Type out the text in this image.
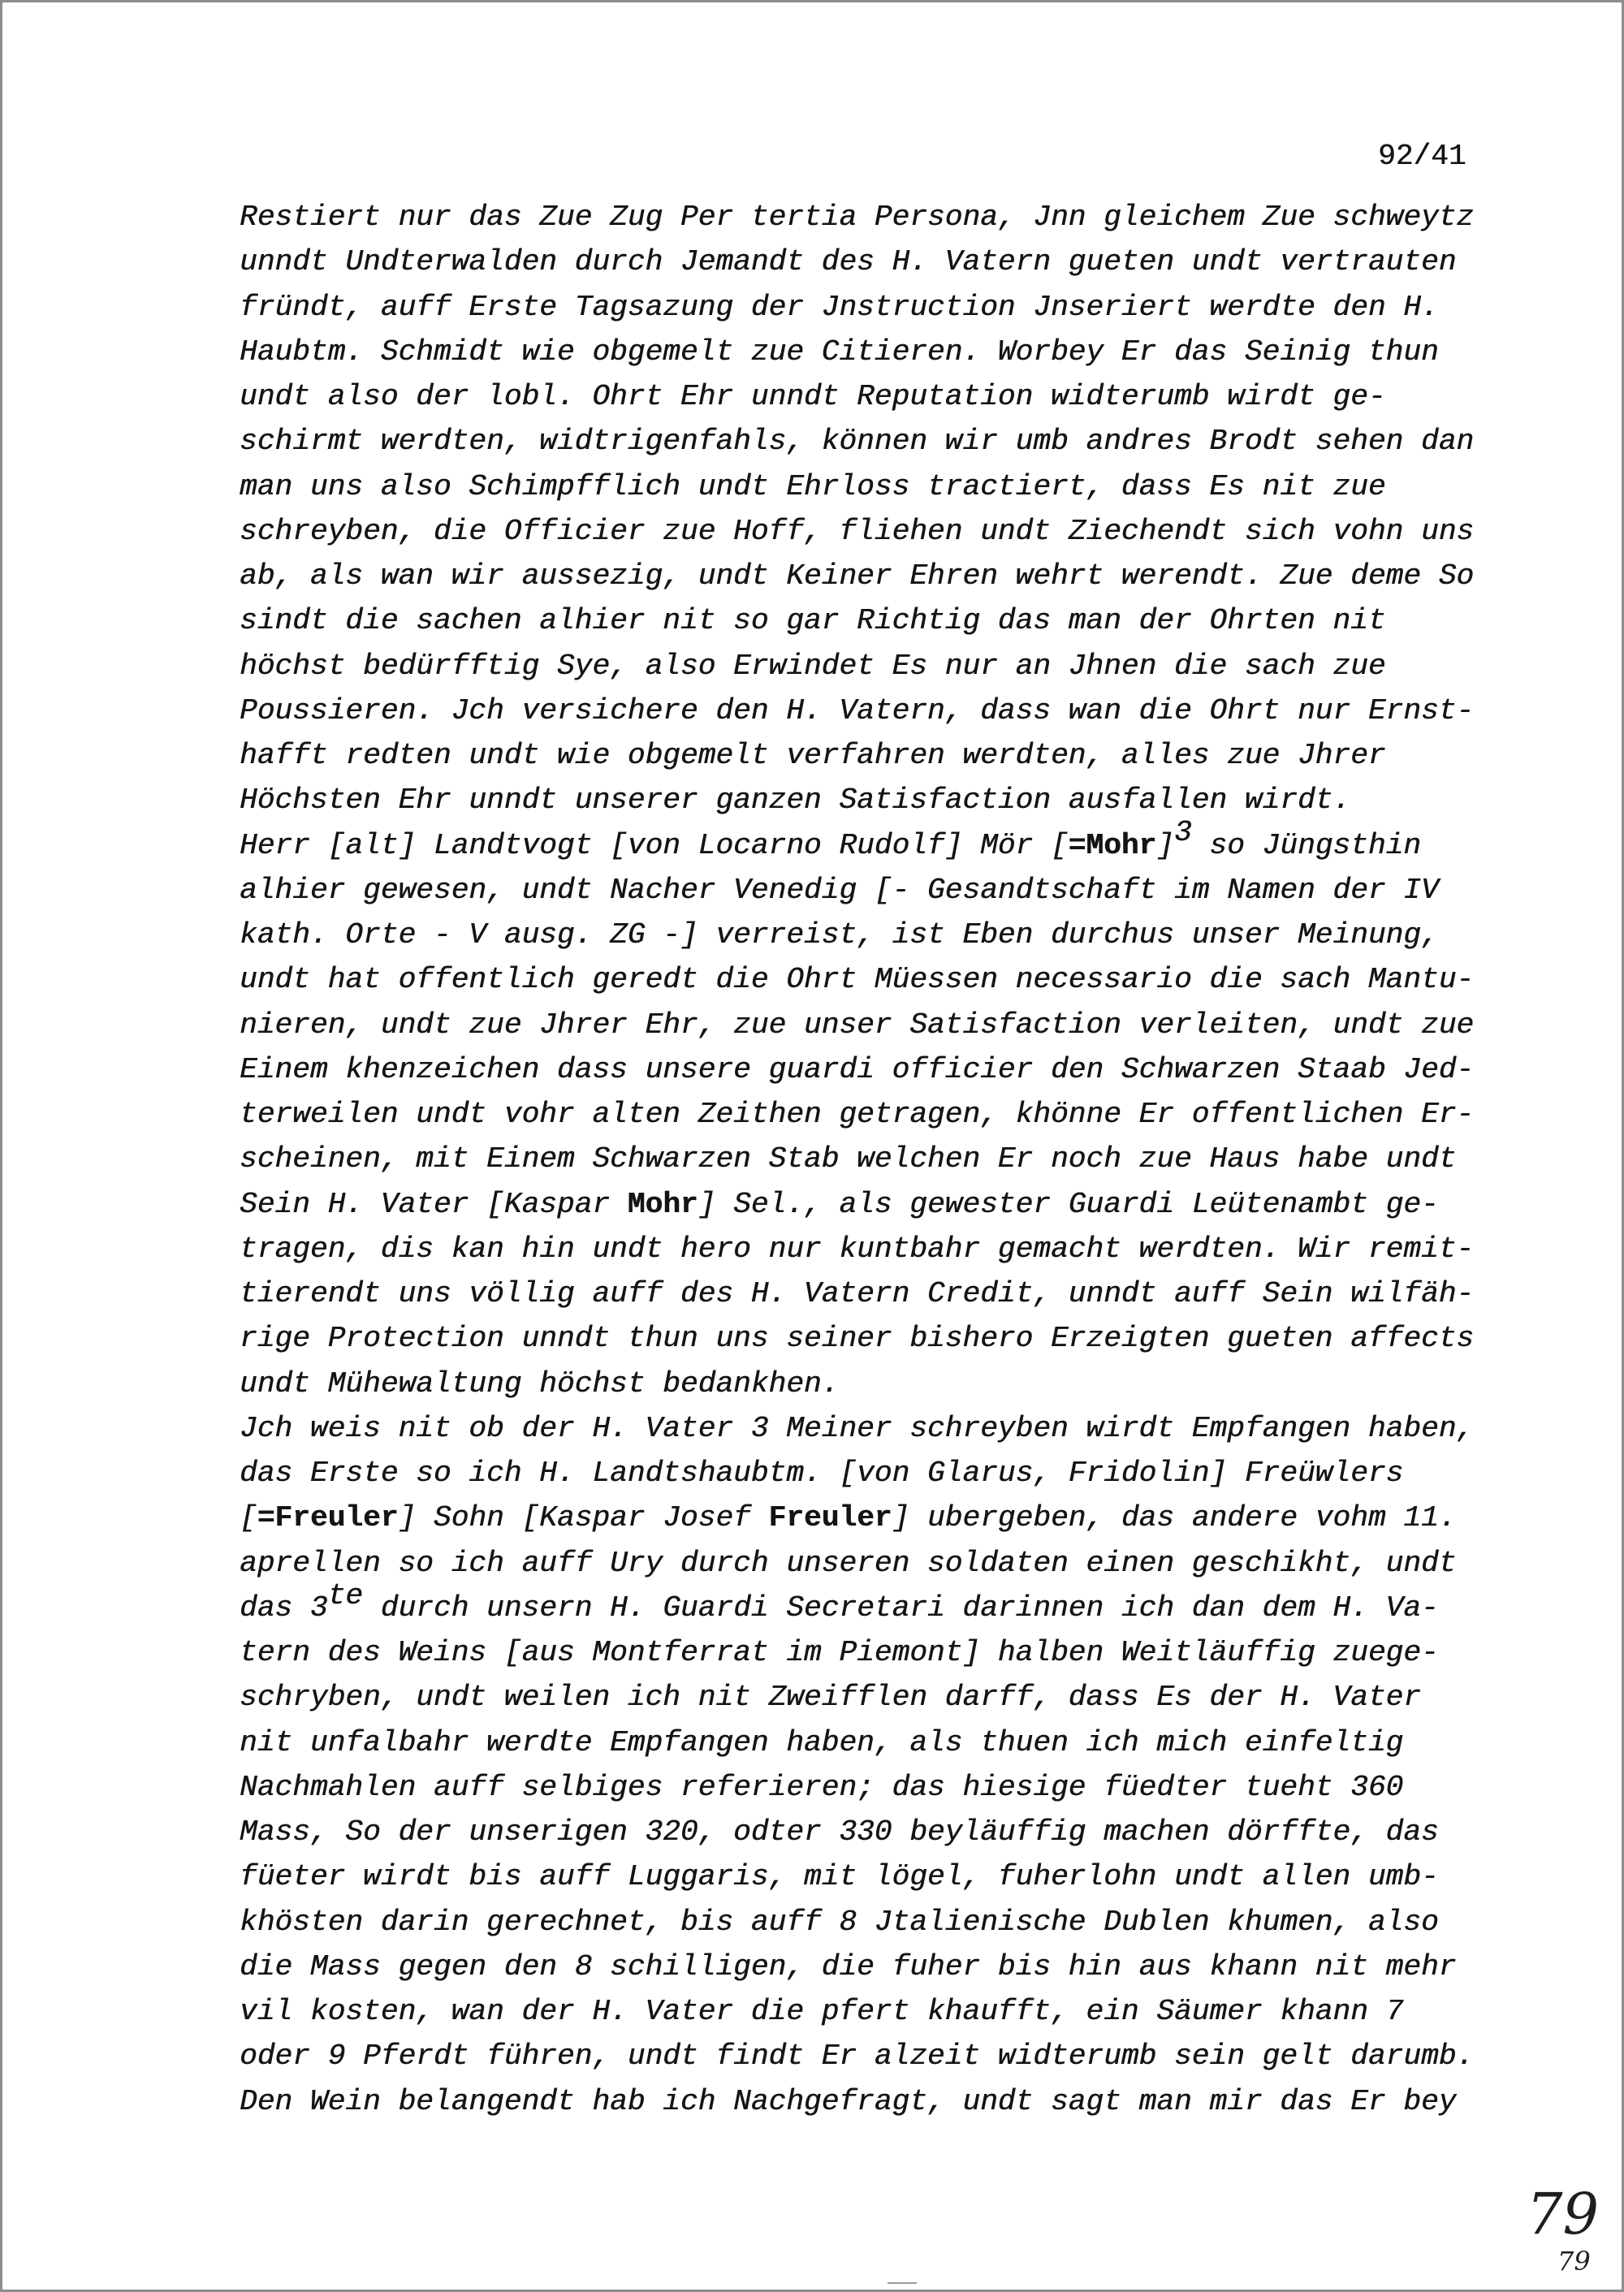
92/41
Restiert nur das Zue Zug Per tertia Persona, Jnn gleichem Zue schweytz
unndt Undterwalden durch Jemandt des H. Vatern gueten undt vertrauten
fründt, auff Erste Tagsazung der Jnstruction Jnseriert werdte den H.
Haubtm. Schmidt wie obgemelt zue Citieren. Worbey Er das Seinig thun
undt also der lobl. Ohrt Ehr unndt Reputation widterumb wirdt ge-
schirmt werdten, widtrigenfahls, können wir umb andres Brodt sehen dan
man uns also Schimpfflich undt Ehrloss tractiert, dass Es nit zue
schreyben, die Officier zue Hoff, fliehen undt Ziechendt sich vohn uns
ab, als wan wir aussezig, undt Keiner Ehren wehrt werendt. Zue deme So
sindt die sachen alhier nit so gar Richtig das man der Ohrten nit
höchst bedürfftig Sye, also Erwindet Es nur an Jhnen die sach zue
Poussieren. Jch versichere den H. Vatern, dass wan die Ohrt nur Ernst-
hafft redten undt wie obgemelt verfahren werdten, alles zue Jhrer
Höchsten Ehr unndt unserer ganzen Satisfaction ausfallen wirdt.
Herr [alt] Landtvogt [von Locarno Rudolf] Mör [=Mohr]3 so Jüngsthin
alhier gewesen, undt Nacher Venedig [- Gesandtschaft im Namen der IV
kath. Orte - V ausg. ZG -] verreist, ist Eben durchus unser Meinung,
undt hat offentlich geredt die Ohrt Müessen necessario die sach Mantu-
nieren, undt zue Jhrer Ehr, zue unser Satisfaction verleiten, undt zue
Einem khenzeichen dass unsere guardi officier den Schwarzen Staab Jed-
terweilen undt vohr alten Zeithen getragen, khönne Er offentlichen Er-
scheinen, mit Einem Schwarzen Stab welchen Er noch zue Haus habe undt
Sein H. Vater [Kaspar Mohr] Sel., als gewester Guardi Leütenambt ge-
tragen, dis kan hin undt hero nur kuntbahr gemacht werdten. Wir remit-
tierendt uns völlig auff des H. Vatern Credit, unndt auff Sein wilfäh-
rige Protection unndt thun uns seiner bishero Erzeigten gueten affects
undt Mühewaltung höchst bedankhen.
Jch weis nit ob der H. Vater 3 Meiner schreyben wirdt Empfangen haben,
das Erste so ich H. Landtshaubtm. [von Glarus, Fridolin] Freüwlers
[=Freuler] Sohn [Kaspar Josef Freuler] ubergeben, das andere vohm 11.
aprellen so ich auff Ury durch unseren soldaten einen geschikht, undt
das 3te durch unsern H. Guardi Secretari darinnen ich dan dem H. Va-
tern des Weins [aus Montferrat im Piemont] halben Weitläuffig zuege-
schryben, undt weilen ich nit Zweifflen darff, dass Es der H. Vater
nit unfalbahr werdte Empfangen haben, als thuen ich mich einfeltig
Nachmahlen auff selbiges referieren; das hiesige füedter tueht 360
Mass, So der unserigen 320, odter 330 beyläuffig machen dörffte, das
füeter wirdt bis auff Luggaris, mit lögel, fuherlohn undt allen umb-
khösten darin gerechnet, bis auff 8 Jtalienische Dublen khumen, also
die Mass gegen den 8 schilligen, die fuher bis hin aus khann nit mehr
vil kosten, wan der H. Vater die pfert khaufft, ein Säumer khann 7
oder 9 Pferdt führen, undt findt Er alzeit widterumb sein gelt darumb.
Den Wein belangendt hab ich Nachgefragt, undt sagt man mir das Er bey
79
79
